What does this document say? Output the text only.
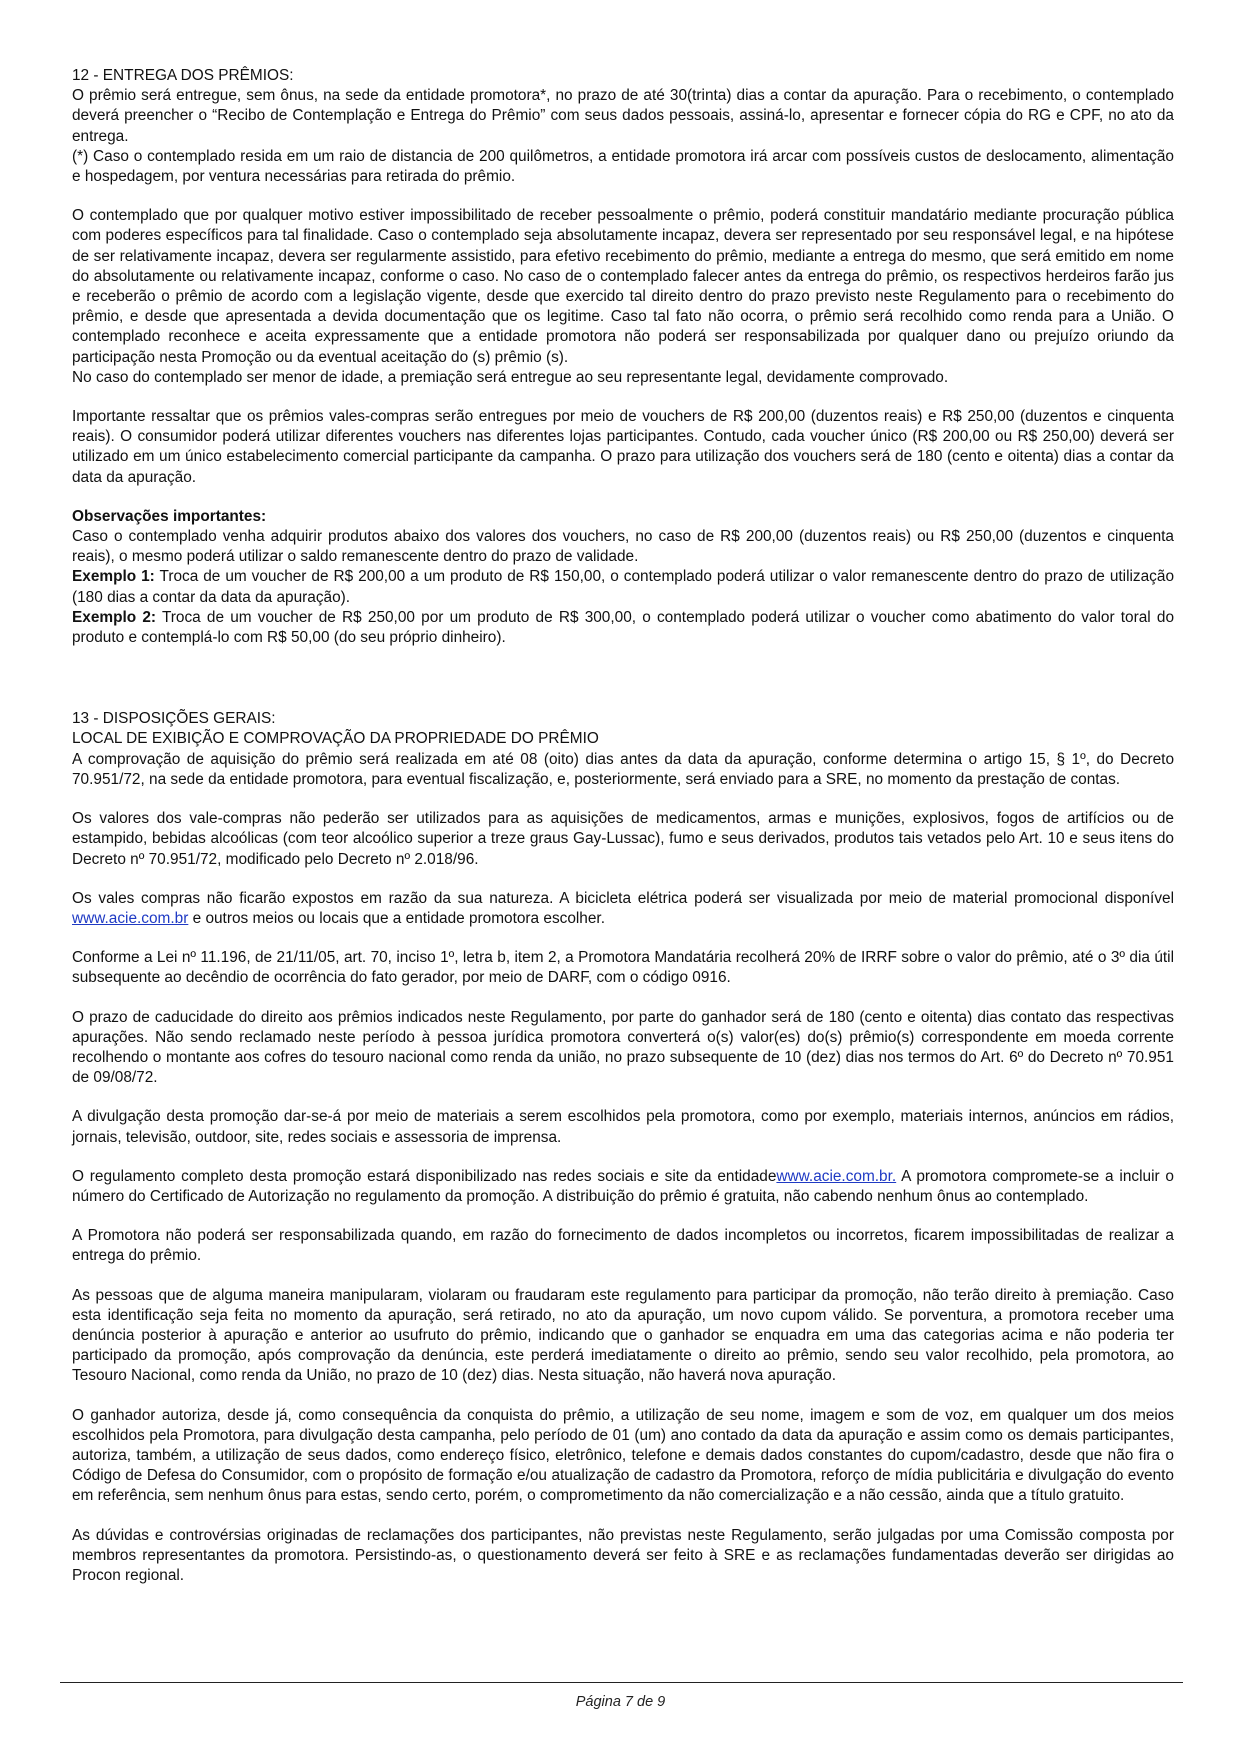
12 - ENTREGA DOS PRÊMIOS:

O prêmio será entregue, sem ônus, na sede da entidade promotora*, no prazo de até 30(trinta) dias a contar da apuração. Para o recebimento, o contemplado deverá preencher o “Recibo de Contemplação e Entrega do Prêmio” com seus dados pessoais, assiná-lo, apresentar e fornecer cópia do RG e CPF, no ato da entrega.

(*) Caso o contemplado resida em um raio de distancia de 200 quilômetros, a entidade promotora irá arcar com possíveis custos de deslocamento, alimentação e hospedagem, por ventura necessárias para retirada do prêmio.

O contemplado que por qualquer motivo estiver impossibilitado de receber pessoalmente o prêmio, poderá constituir mandatário mediante procuração pública com poderes específicos para tal finalidade. Caso o contemplado seja absolutamente incapaz, devera ser representado por seu responsável legal, e na hipótese de ser relativamente incapaz, devera ser regularmente assistido, para efetivo recebimento do prêmio, mediante a entrega do mesmo, que será emitido em nome do absolutamente ou relativamente incapaz, conforme o caso. No caso de o contemplado falecer antes da entrega do prêmio, os respectivos herdeiros farão jus e receberão o prêmio de acordo com a legislação vigente, desde que exercido tal direito dentro do prazo previsto neste Regulamento para o recebimento do prêmio, e desde que apresentada a devida documentação que os legitime. Caso tal fato não ocorra, o prêmio será recolhido como renda para a União. O contemplado reconhece e aceita expressamente que a entidade promotora não poderá ser responsabilizada por qualquer dano ou prejuízo oriundo da participação nesta Promoção ou da eventual aceitação do (s) prêmio (s).

No caso do contemplado ser menor de idade, a premiação será entregue ao seu representante legal, devidamente comprovado.

Importante ressaltar que os prêmios vales-compras serão entregues por meio de vouchers de R$ 200,00 (duzentos reais) e R$ 250,00 (duzentos e cinquenta reais). O consumidor poderá utilizar diferentes vouchers nas diferentes lojas participantes. Contudo, cada voucher único (R$ 200,00 ou R$ 250,00) deverá ser utilizado em um único estabelecimento comercial participante da campanha. O prazo para utilização dos vouchers será de 180 (cento e oitenta) dias a contar da data da apuração.

Observações importantes:

Caso o contemplado venha adquirir produtos abaixo dos valores dos vouchers, no caso de R$ 200,00 (duzentos reais) ou R$ 250,00 (duzentos e cinquenta reais), o mesmo poderá utilizar o saldo remanescente dentro do prazo de validade.

Exemplo 1: Troca de um voucher de R$ 200,00 a um produto de R$ 150,00, o contemplado poderá utilizar o valor remanescente dentro do prazo de utilização (180 dias a contar da data da apuração).

Exemplo 2: Troca de um voucher de R$ 250,00 por um produto de R$ 300,00, o contemplado poderá utilizar o voucher como abatimento do valor toral do produto e contemplá-lo com R$ 50,00 (do seu próprio dinheiro).

13 - DISPOSIÇÕES GERAIS:

LOCAL DE EXIBIÇÃO E COMPROVAÇÃO DA PROPRIEDADE DO PRÊMIO

A comprovação de aquisição do prêmio será realizada em até 08 (oito) dias antes da data da apuração, conforme determina o artigo 15, § 1º, do Decreto 70.951/72, na sede da entidade promotora, para eventual fiscalização, e, posteriormente, será enviado para a SRE, no momento da prestação de contas.

Os valores dos vale-compras não pederão ser utilizados para as aquisições de medicamentos, armas e munições, explosivos, fogos de artifícios ou de estampido, bebidas alcoólicas (com teor alcoólico superior a treze graus Gay-Lussac), fumo e seus derivados, produtos tais vetados pelo Art. 10 e seus itens do Decreto nº 70.951/72, modificado pelo Decreto nº 2.018/96.

Os vales compras não ficarão expostos em razão da sua natureza. A bicicleta elétrica poderá ser visualizada por meio de material promocional disponível www.acie.com.br e outros meios ou locais que a entidade promotora escolher.

Conforme a Lei nº 11.196, de 21/11/05, art. 70, inciso 1º, letra b, item 2, a Promotora Mandatária recolherá 20% de IRRF sobre o valor do prêmio, até o 3º dia útil subsequente ao decêndio de ocorrência do fato gerador, por meio de DARF, com o código 0916.

O prazo de caducidade do direito aos prêmios indicados neste Regulamento, por parte do ganhador será de 180 (cento e oitenta) dias contato das respectivas apurações. Não sendo reclamado neste período à pessoa jurídica promotora converterá o(s) valor(es) do(s) prêmio(s) correspondente em moeda corrente recolhendo o montante aos cofres do tesouro nacional como renda da união, no prazo subsequente de 10 (dez) dias nos termos do Art. 6º do Decreto nº 70.951 de 09/08/72.

A divulgação desta promoção dar-se-á por meio de materiais a serem escolhidos pela promotora, como por exemplo, materiais internos, anúncios em rádios, jornais, televisão, outdoor, site, redes sociais e assessoria de imprensa.

O regulamento completo desta promoção estará disponibilizado nas redes sociais e site da entidadewww.acie.com.br. A promotora compromete-se a incluir o número do Certificado de Autorização no regulamento da promoção. A distribuição do prêmio é gratuita, não cabendo nenhum ônus ao contemplado.

A Promotora não poderá ser responsabilizada quando, em razão do fornecimento de dados incompletos ou incorretos, ficarem impossibilitadas de realizar a entrega do prêmio.

As pessoas que de alguma maneira manipularam, violaram ou fraudaram este regulamento para participar da promoção, não terão direito à premiação. Caso esta identificação seja feita no momento da apuração, será retirado, no ato da apuração, um novo cupom válido. Se porventura, a promotora receber uma denúncia posterior à apuração e anterior ao usufruto do prêmio, indicando que o ganhador se enquadra em uma das categorias acima e não poderia ter participado da promoção, após comprovação da denúncia, este perderá imediatamente o direito ao prêmio, sendo seu valor recolhido, pela promotora, ao Tesouro Nacional, como renda da União, no prazo de 10 (dez) dias. Nesta situação, não haverá nova apuração.

O ganhador autoriza, desde já, como consequência da conquista do prêmio, a utilização de seu nome, imagem e som de voz, em qualquer um dos meios escolhidos pela Promotora, para divulgação desta campanha, pelo período de 01 (um) ano contado da data da apuração e assim como os demais participantes, autoriza, também, a utilização de seus dados, como endereço físico, eletrônico, telefone e demais dados constantes do cupom/cadastro, desde que não fira o Código de Defesa do Consumidor, com o propósito de formação e/ou atualização de cadastro da Promotora, reforço de mídia publicitária e divulgação do evento em referência, sem nenhum ônus para estas, sendo certo, porém, o comprometimento da não comercialização e a não cessão, ainda que a título gratuito.

As dúvidas e controvérsias originadas de reclamações dos participantes, não previstas neste Regulamento, serão julgadas por uma Comissão composta por membros representantes da promotora. Persistindo-as, o questionamento deverá ser feito à SRE e as reclamações fundamentadas deverão ser dirigidas ao Procon regional.

Página 7 de 9
